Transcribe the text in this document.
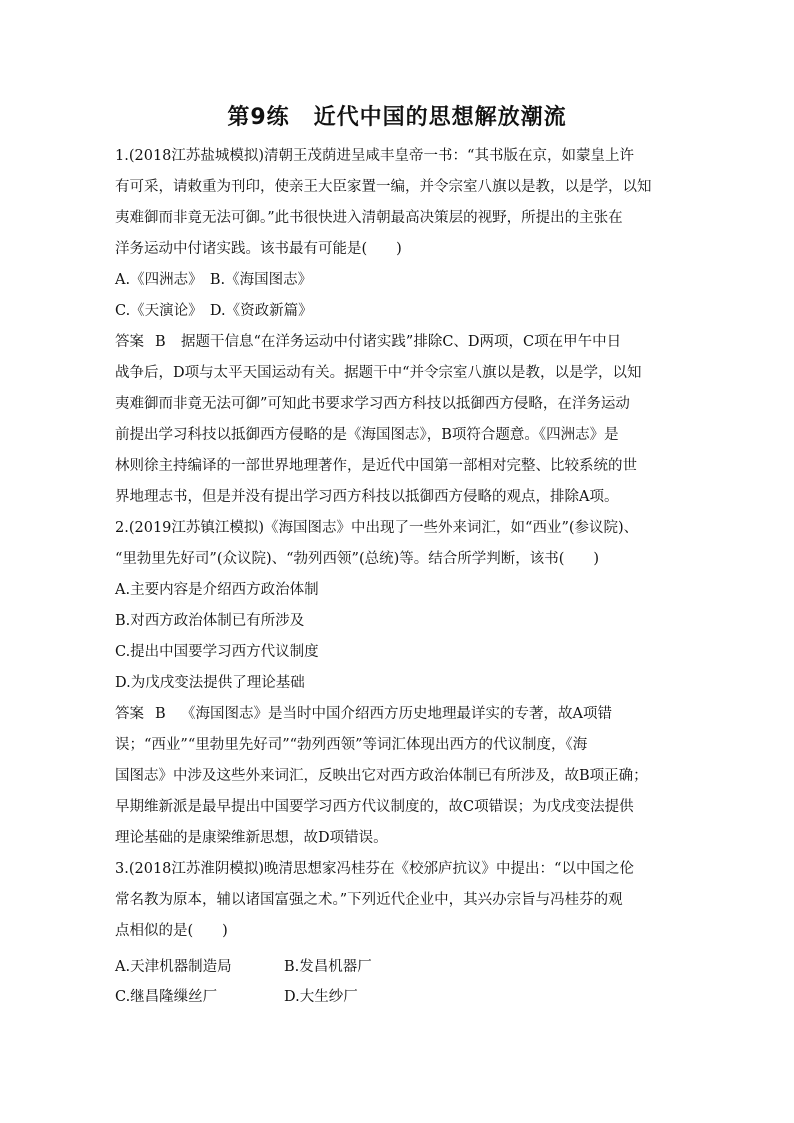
第9练 近代中国的思想解放潮流
1.(2018江苏盐城模拟)清朝王茂荫进呈咸丰皇帝一书：“其书版在京，如蒙皇上许
有可采，请敕重为刊印，使亲王大臣家置一编，并令宗室八旗以是教，以是学，以知
夷难御而非竟无法可御。”此书很快进入清朝最高决策层的视野，所提出的主张在
洋务运动中付诸实践。该书最有可能是(　　)
A.《四洲志》　B.《海国图志》
C.《天演论》　D.《资政新篇》
答案 B 据题干信息“在洋务运动中付诸实践”排除C、D两项，C项在甲午中日
战争后，D项与太平天国运动有关。据题干中“并令宗室八旗以是教，以是学，以知
夷难御而非竟无法可御”可知此书要求学习西方科技以抵御西方侵略，在洋务运动
前提出学习科技以抵御西方侵略的是《海国图志》，B项符合题意。《四洲志》是
林则徐主持编译的一部世界地理著作，是近代中国第一部相对完整、比较系统的世
界地理志书，但是并没有提出学习西方科技以抵御西方侵略的观点，排除A项。
2.(2019江苏镇江模拟)《海国图志》中出现了一些外来词汇，如“西业”(参议院)、
“里勃里先好司”(众议院)、“勃列西领”(总统)等。结合所学判断，该书(　　)
A.主要内容是介绍西方政治体制
B.对西方政治体制已有所涉及
C.提出中国要学习西方代议制度
D.为戊戌变法提供了理论基础
答案 B 《海国图志》是当时中国介绍西方历史地理最详实的专著，故A项错
误；“西业”“里勃里先好司”“勃列西领”等词汇体现出西方的代议制度，《海
国图志》中涉及这些外来词汇，反映出它对西方政治体制已有所涉及，故B项正确；
早期维新派是最早提出中国要学习西方代议制度的，故C项错误；为戊戌变法提供
理论基础的是康梁维新思想，故D项错误。
3.(2018江苏淮阴模拟)晚清思想家冯桂芬在《校邠庐抗议》中提出：“以中国之伦
常名教为原本，辅以诸国富强之术。”下列近代企业中，其兴办宗旨与冯桂芬的观
点相似的是(　　)
A.天津机器制造局	B.发昌机器厂
C.继昌隆缫丝厂	D.大生纱厂
